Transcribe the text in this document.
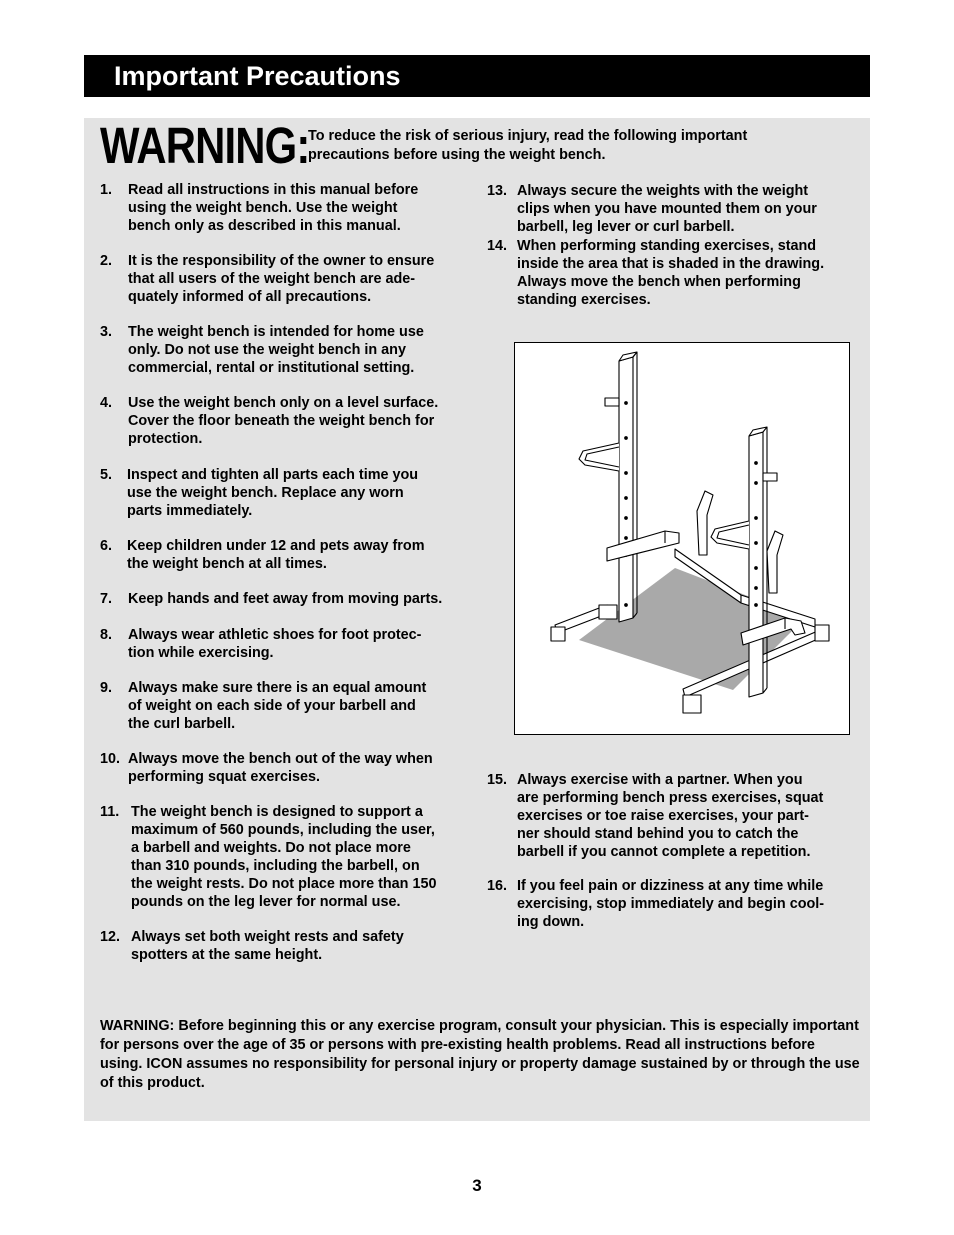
Important Precautions
WARNING:
To reduce the risk of serious injury, read the following important precautions before using the weight bench.
1.	Read all instructions in this manual before
using the weight bench. Use the weight
bench only as described in this manual.
2.	It is the responsibility of the owner to ensure
that all users of the weight bench are ade-
quately informed of all precautions.
3.	The weight bench is intended for home use
only. Do not use the weight bench in any
commercial, rental or institutional setting.
4.	Use the weight bench only on a level surface.
Cover the floor beneath the weight bench for
protection.
5.	Inspect and tighten all parts each time you
use the weight bench. Replace any worn
parts immediately.
6.	Keep children under 12 and pets away from
the weight bench at all times.
7.	Keep hands and feet away from moving parts.
8.	Always wear athletic shoes for foot protec-
tion while exercising.
9.	Always make sure there is an equal amount
of weight on each side of your barbell and
the curl barbell.
10. Always move the bench out of the way when
performing squat exercises.
11. The weight bench is designed to support a
maximum of 560 pounds, including the user,
a barbell and weights. Do not place more
than 310 pounds, including the barbell, on
the weight rests. Do not place more than 150
pounds on the leg lever for normal use.
12. Always set both weight rests and safety
spotters at the same height.
13. Always secure the weights with the weight
clips when you have mounted them on your
barbell, leg lever or curl barbell.
14. When performing standing exercises, stand
inside the area that is shaded in the drawing.
Always move the bench when performing
standing exercises.
15. Always exercise with a partner. When you
are performing bench press exercises, squat
exercises or toe raise exercises, your part-
ner should stand behind you to catch the
barbell if you cannot complete a repetition.
16. If you feel pain or dizziness at any time while
exercising, stop immediately and begin cool-
ing down.
WARNING: Before beginning this or any exercise program, consult your physician. This is especially important for persons over the age of 35 or persons with pre-existing health problems. Read all instructions before using. ICON assumes no responsibility for personal injury or property damage sustained by or through the use of this product.
3
